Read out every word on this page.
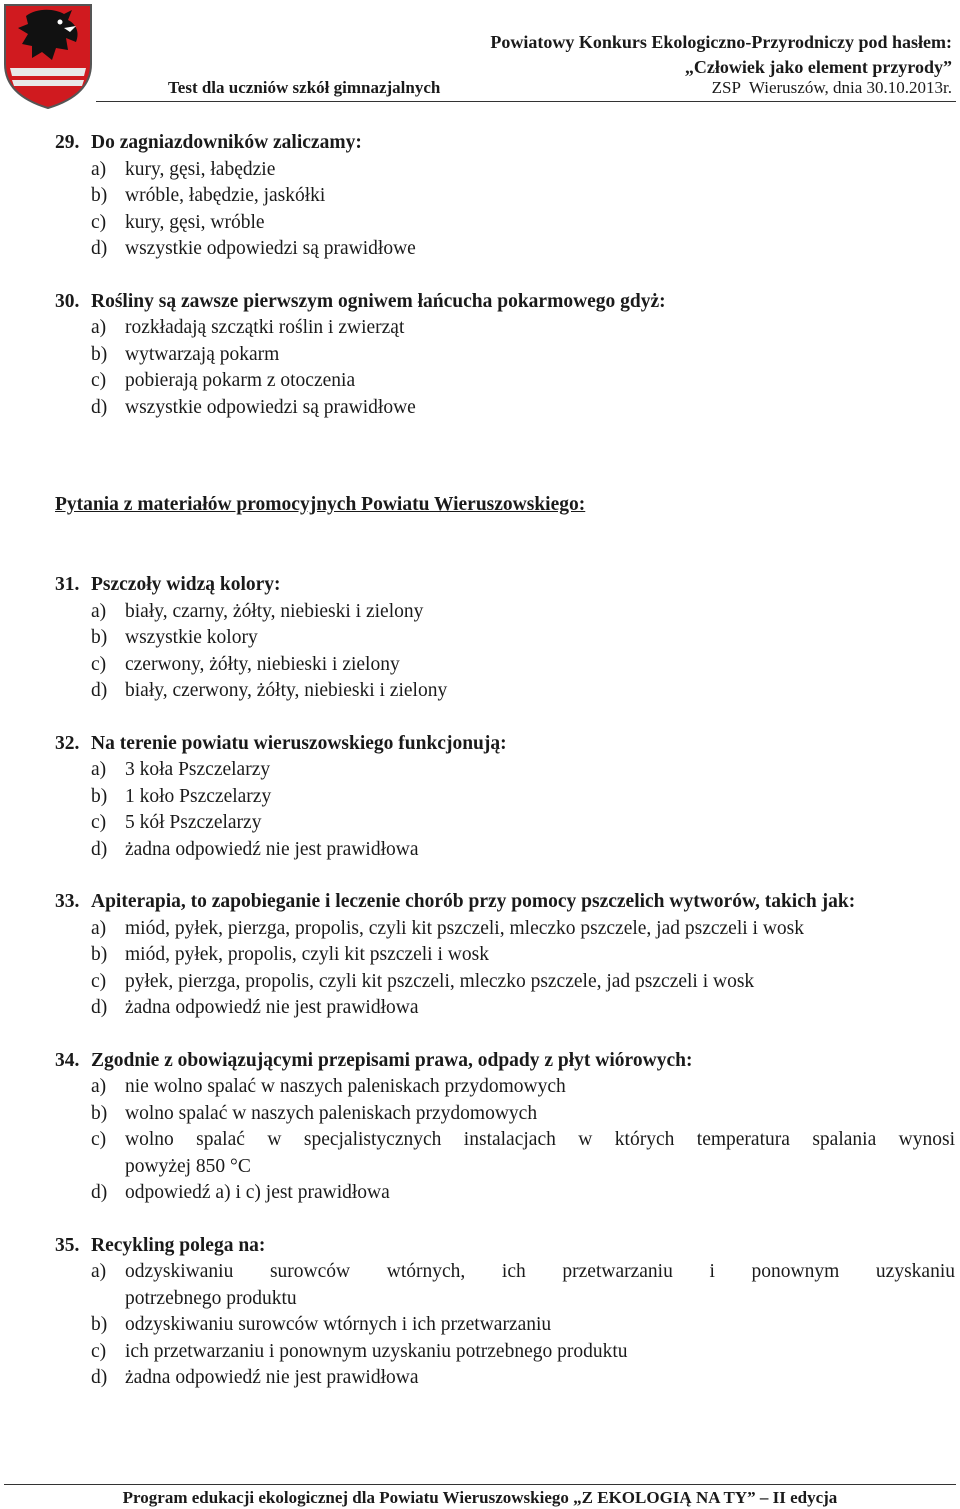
Powiatowy Konkurs Ekologiczno-Przyrodniczy pod hasłem:
„Człowiek jako element przyrody”
Test dla uczniów szkół gimnazjalnych	ZSP Wieruszów, dnia 30.10.2013r.
29. Do zagniazdowników zaliczamy:
a) kury, gęsi, łabędzie
b) wróble, łabędzie, jaskółki
c) kury, gęsi, wróble
d) wszystkie odpowiedzi są prawidłowe
30. Rośliny są zawsze pierwszym ogniwem łańcucha pokarmowego gdyż:
a) rozkładają szczątki roślin i zwierząt
b) wytwarzają pokarm
c) pobierają pokarm z otoczenia
d) wszystkie odpowiedzi są prawidłowe
Pytania z materiałów promocyjnych Powiatu Wieruszowskiego:
31. Pszczoły widzą kolory:
a) biały, czarny, żółty, niebieski i zielony
b) wszystkie kolory
c) czerwony, żółty, niebieski i zielony
d) biały, czerwony, żółty, niebieski i zielony
32. Na terenie powiatu wieruszowskiego funkcjonują:
a) 3 koła Pszczelarzy
b) 1 koło Pszczelarzy
c) 5 kół Pszczelarzy
d) żadna odpowiedź nie jest prawidłowa
33. Apiterapia, to zapobieganie i leczenie chorób przy pomocy pszczelich wytworów, takich jak:
a) miód, pyłek, pierzga, propolis, czyli kit pszczeli, mleczko pszczele, jad pszczeli i wosk
b) miód, pyłek, propolis, czyli kit pszczeli i wosk
c) pyłek, pierzga, propolis, czyli kit pszczeli, mleczko pszczele, jad pszczeli i wosk
d) żadna odpowiedź nie jest prawidłowa
34. Zgodnie z obowiązującymi przepisami prawa, odpady z płyt wiórowych:
a) nie wolno spalać w naszych paleniskach przydomowych
b) wolno spalać w naszych paleniskach przydomowych
c) wolno spalać w specjalistycznych instalacjach w których temperatura spalania wynosi
powyżej 850 °C
d) odpowiedź a) i c) jest prawidłowa
35. Recykling polega na:
a) odzyskiwaniu surowców wtórnych, ich przetwarzaniu i ponownym uzyskaniu
potrzebnego produktu
b) odzyskiwaniu surowców wtórnych i ich przetwarzaniu
c) ich przetwarzaniu i ponownym uzyskaniu potrzebnego produktu
d) żadna odpowiedź nie jest prawidłowa
Program edukacji ekologicznej dla Powiatu Wieruszowskiego „Z EKOLOGIĄ NA TY” – II edycja
